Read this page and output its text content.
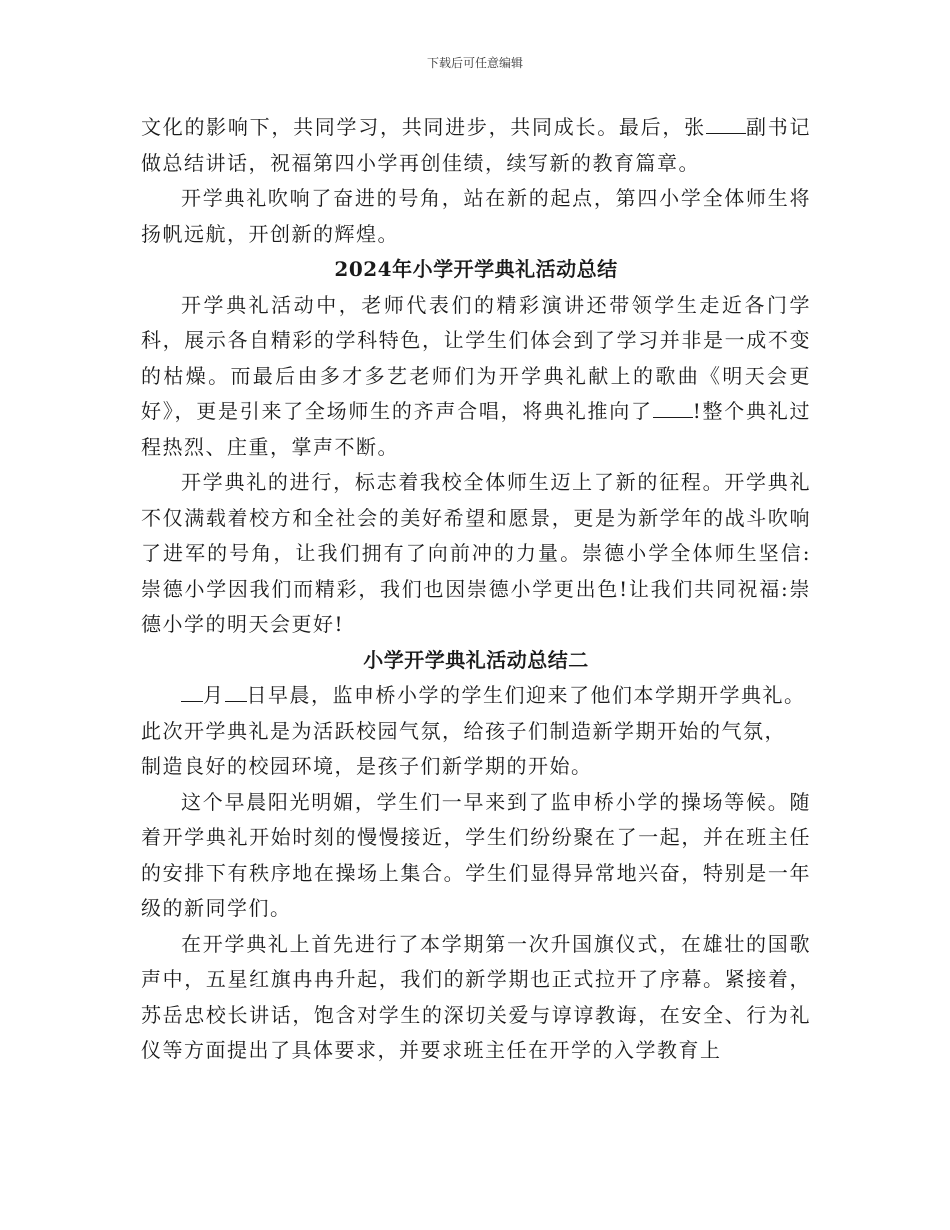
下载后可任意编辑

文化的影响下，共同学习，共同进步，共同成长。最后，张 副书记做总结讲话，祝福第四小学再创佳绩，续写新的教育篇章。

开学典礼吹响了奋进的号角，站在新的起点，第四小学全体师生将扬帆远航，开创新的辉煌。

2024年小学开学典礼活动总结

开学典礼活动中，老师代表们的精彩演讲还带领学生走近各门学科，展示各自精彩的学科特色，让学生们体会到了学习并非是一成不变的枯燥。而最后由多才多艺老师们为开学典礼献上的歌曲《明天会更好》，更是引来了全场师生的齐声合唱，将典礼推向了 !整个典礼过程热烈、庄重，掌声不断。

开学典礼的进行，标志着我校全体师生迈上了新的征程。开学典礼不仅满载着校方和全社会的美好希望和愿景，更是为新学年的战斗吹响了进军的号角，让我们拥有了向前冲的力量。崇德小学全体师生坚信:崇德小学因我们而精彩，我们也因崇德小学更出色!让我们共同祝福:崇德小学的明天会更好!

小学开学典礼活动总结二

月 日早晨，监申桥小学的学生们迎来了他们本学期开学典礼。

此次开学典礼是为活跃校园气氛，给孩子们制造新学期开始的气氛，

制造良好的校园环境，是孩子们新学期的开始。

这个早晨阳光明媚，学生们一早来到了监申桥小学的操场等候。随着开学典礼开始时刻的慢慢接近，学生们纷纷聚在了一起，并在班主任的安排下有秩序地在操场上集合。学生们显得异常地兴奋，特别是一年级的新同学们。

在开学典礼上首先进行了本学期第一次升国旗仪式，在雄壮的国歌声中，五星红旗冉冉升起，我们的新学期也正式拉开了序幕。紧接着，苏岳忠校长讲话，饱含对学生的深切关爱与谆谆教诲，在安全、行为礼仪等方面提出了具体要求，并要求班主任在开学的入学教育上
